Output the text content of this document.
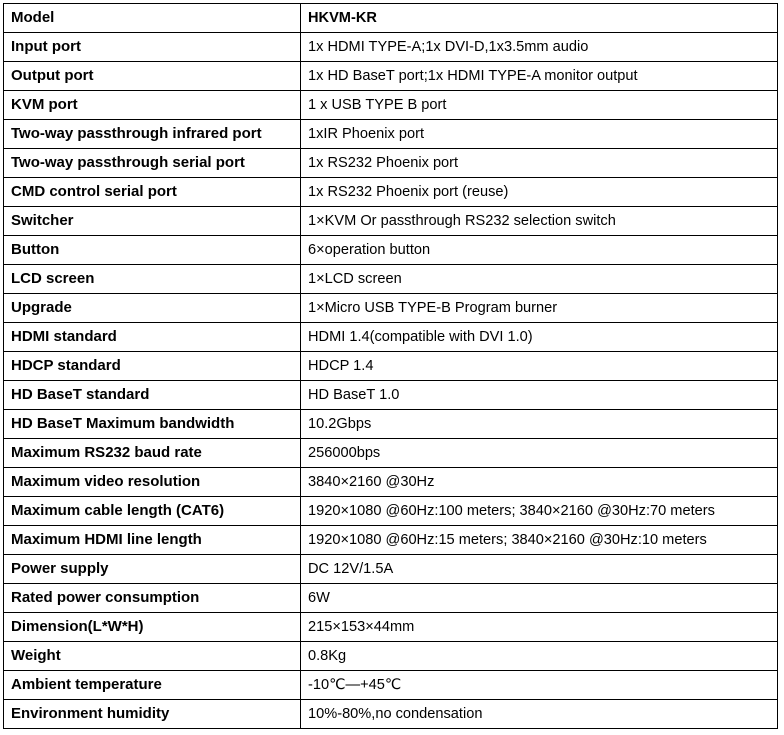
Model	HKVM-KR
Input port	1x HDMI TYPE-A;1x DVI-D,1x3.5mm audio
Output port	1x HD BaseT port;1x HDMI TYPE-A monitor output
KVM port	1 x USB TYPE B port
Two-way passthrough infrared port	1xIR Phoenix port
Two-way passthrough serial port	1x RS232 Phoenix port
CMD control serial port	1x RS232 Phoenix port (reuse)
Switcher	1×KVM Or passthrough RS232 selection switch
Button	6×operation button
LCD screen	1×LCD screen
Upgrade	1×Micro USB TYPE-B Program burner
HDMI standard	HDMI 1.4(compatible with DVI 1.0)
HDCP standard	HDCP 1.4
HD BaseT standard	HD BaseT 1.0
HD BaseT Maximum bandwidth	10.2Gbps
Maximum RS232 baud rate	256000bps
Maximum video resolution	3840×2160 @30Hz
Maximum cable length (CAT6)	1920×1080 @60Hz:100 meters; 3840×2160 @30Hz:70 meters
Maximum HDMI line length	1920×1080 @60Hz:15 meters; 3840×2160 @30Hz:10 meters
Power supply	DC 12V/1.5A
Rated power consumption	6W
Dimension(L*W*H)	215×153×44mm
Weight	0.8Kg
Ambient temperature	-10℃—+45℃
Environment humidity	10%-80%,no condensation
